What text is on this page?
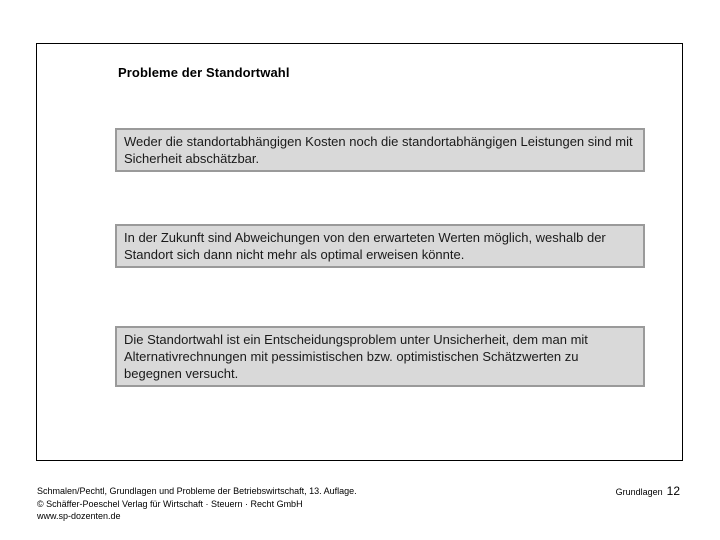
Probleme der Standortwahl
Weder die standortabhängigen Kosten noch die standortabhängigen Leistungen sind mit Sicherheit abschätzbar.
In der Zukunft sind Abweichungen von den erwarteten Werten möglich, weshalb der Standort sich dann nicht mehr als optimal erweisen könnte.
Die Standortwahl ist ein Entscheidungsproblem unter Unsicherheit, dem man mit Alternativrechnungen mit pessimistischen bzw. optimistischen Schätzwerten zu begegnen versucht.
Schmalen/Pechtl, Grundlagen und Probleme der Betriebswirtschaft, 13. Auflage.
© Schäffer-Poeschel Verlag für Wirtschaft · Steuern · Recht GmbH
www.sp-dozenten.de
Grundlagen 12
